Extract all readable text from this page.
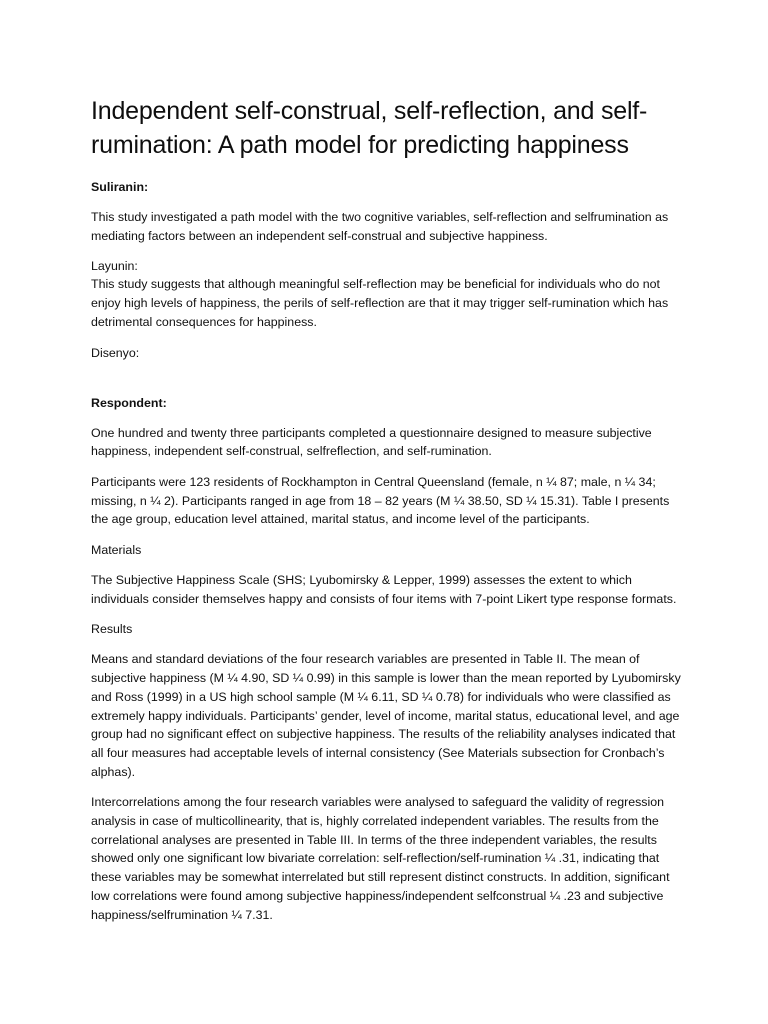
Independent self-construal, self-reflection, and self-rumination: A path model for predicting happiness

Suliranin:

This study investigated a path model with the two cognitive variables, self-reflection and selfrumination as mediating factors between an independent self-construal and subjective happiness.

Layunin:

This study suggests that although meaningful self-reflection may be beneficial for individuals who do not enjoy high levels of happiness, the perils of self-reflection are that it may trigger self-rumination which has detrimental consequences for happiness.

Disenyo:

Respondent:

One hundred and twenty three participants completed a questionnaire designed to measure subjective happiness, independent self-construal, selfreflection, and self-rumination.

Participants were 123 residents of Rockhampton in Central Queensland (female, n ¼ 87; male, n ¼ 34; missing, n ¼ 2). Participants ranged in age from 18 – 82 years (M ¼ 38.50, SD ¼ 15.31). Table I presents the age group, education level attained, marital status, and income level of the participants.

Materials

The Subjective Happiness Scale (SHS; Lyubomirsky & Lepper, 1999) assesses the extent to which individuals consider themselves happy and consists of four items with 7-point Likert type response formats.

Results

Means and standard deviations of the four research variables are presented in Table II. The mean of subjective happiness (M ¼ 4.90, SD ¼ 0.99) in this sample is lower than the mean reported by Lyubomirsky and Ross (1999) in a US high school sample (M ¼ 6.11, SD ¼ 0.78) for individuals who were classified as extremely happy individuals. Participants’ gender, level of income, marital status, educational level, and age group had no significant effect on subjective happiness. The results of the reliability analyses indicated that all four measures had acceptable levels of internal consistency (See Materials subsection for Cronbach’s alphas).

Intercorrelations among the four research variables were analysed to safeguard the validity of regression analysis in case of multicollinearity, that is, highly correlated independent variables. The results from the correlational analyses are presented in Table III. In terms of the three independent variables, the results showed only one significant low bivariate correlation: self-reflection/self-rumination ¼ .31, indicating that these variables may be somewhat interrelated but still represent distinct constructs. In addition, significant low correlations were found among subjective happiness/independent selfconstrual ¼ .23 and subjective happiness/selfrumination ¼ 7.31.
